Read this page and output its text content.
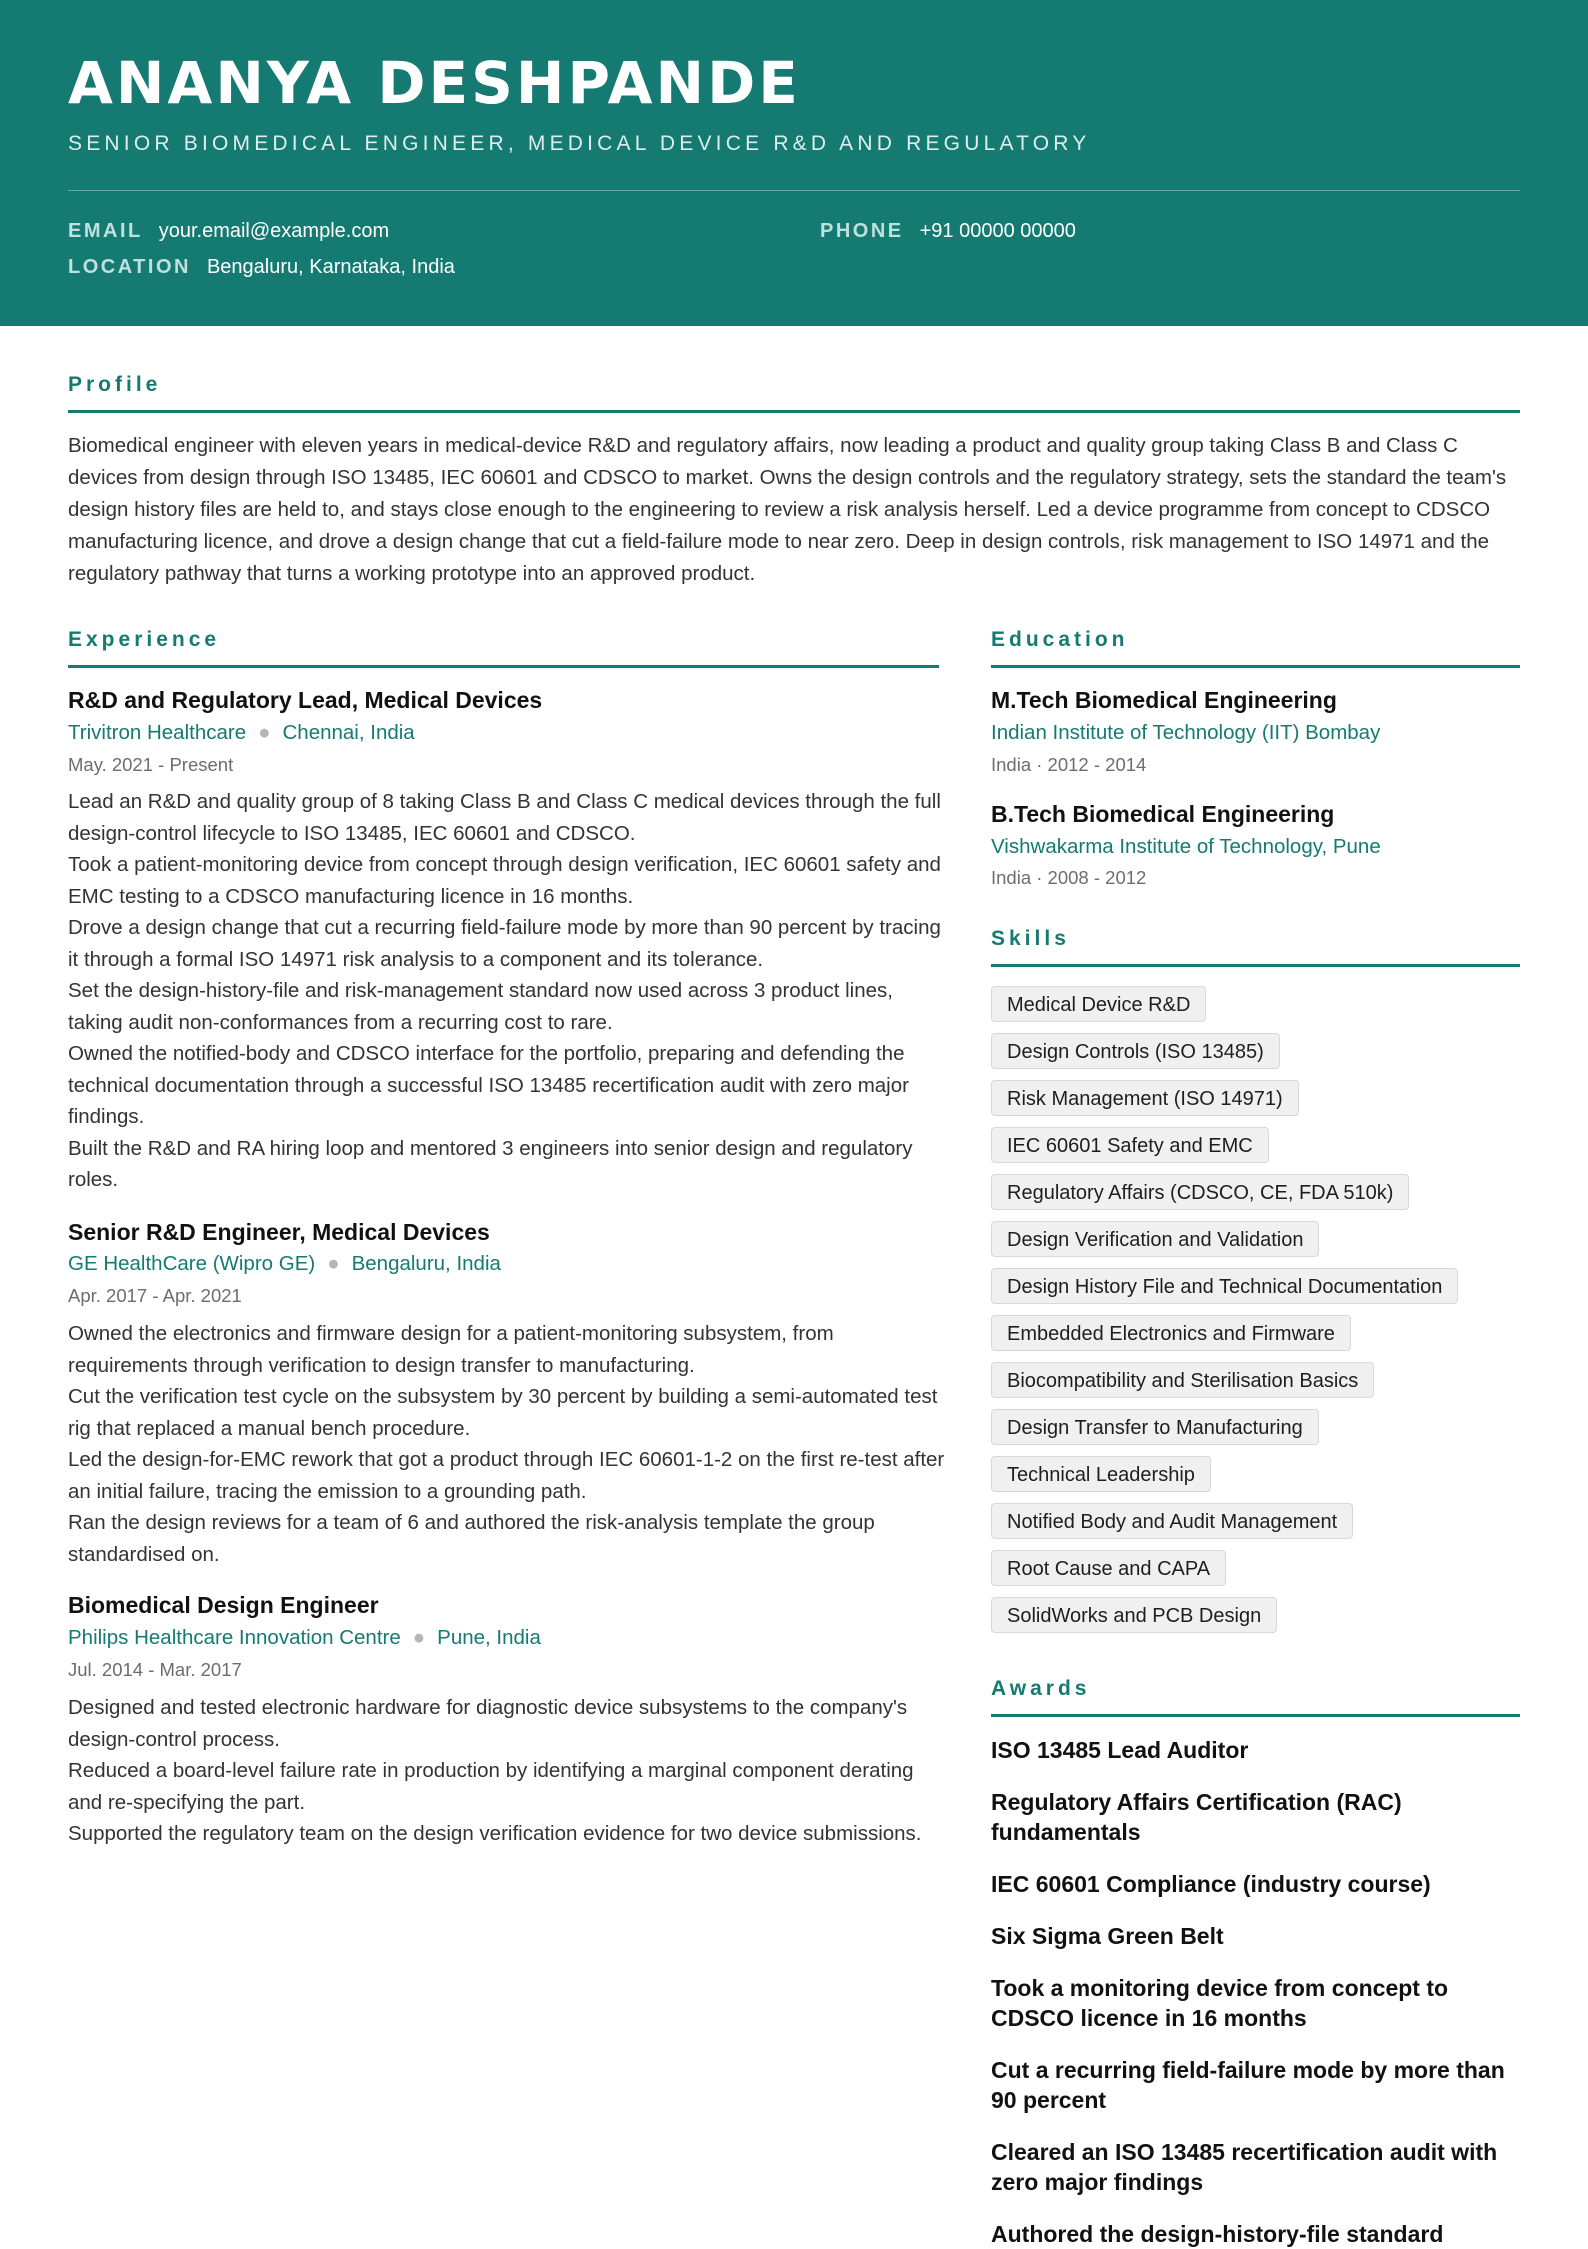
ANANYA DESHPANDE
SENIOR BIOMEDICAL ENGINEER, MEDICAL DEVICE R&D AND REGULATORY
EMAIL your.email@example.com	PHONE +91 00000 00000
LOCATION Bengaluru, Karnataka, India
Profile
Biomedical engineer with eleven years in medical-device R&D and regulatory affairs, now leading a product and quality group taking Class B and Class C devices from design through ISO 13485, IEC 60601 and CDSCO to market. Owns the design controls and the regulatory strategy, sets the standard the team's design history files are held to, and stays close enough to the engineering to review a risk analysis herself. Led a device programme from concept to CDSCO manufacturing licence, and drove a design change that cut a field-failure mode to near zero. Deep in design controls, risk management to ISO 14971 and the regulatory pathway that turns a working prototype into an approved product.
Experience
R&D and Regulatory Lead, Medical Devices
Trivitron Healthcare ● Chennai, India
May. 2021 - Present

Lead an R&D and quality group of 8 taking Class B and Class C medical devices through the full design-control lifecycle to ISO 13485, IEC 60601 and CDSCO.

Took a patient-monitoring device from concept through design verification, IEC 60601 safety and EMC testing to a CDSCO manufacturing licence in 16 months.

Drove a design change that cut a recurring field-failure mode by more than 90 percent by tracing it through a formal ISO 14971 risk analysis to a component and its tolerance.

Set the design-history-file and risk-management standard now used across 3 product lines, taking audit non-conformances from a recurring cost to rare.

Owned the notified-body and CDSCO interface for the portfolio, preparing and defending the technical documentation through a successful ISO 13485 recertification audit with zero major findings.

Built the R&D and RA hiring loop and mentored 3 engineers into senior design and regulatory roles.

Senior R&D Engineer, Medical Devices
GE HealthCare (Wipro GE) ● Bengaluru, India
Apr. 2017 - Apr. 2021

Owned the electronics and firmware design for a patient-monitoring subsystem, from requirements through verification to design transfer to manufacturing.

Cut the verification test cycle on the subsystem by 30 percent by building a semi-automated test rig that replaced a manual bench procedure.

Led the design-for-EMC rework that got a product through IEC 60601-1-2 on the first re-test after an initial failure, tracing the emission to a grounding path.

Ran the design reviews for a team of 6 and authored the risk-analysis template the group standardised on.

Biomedical Design Engineer
Philips Healthcare Innovation Centre ● Pune, India
Jul. 2014 - Mar. 2017

Designed and tested electronic hardware for diagnostic device subsystems to the company's design-control process.

Reduced a board-level failure rate in production by identifying a marginal component derating and re-specifying the part.

Supported the regulatory team on the design verification evidence for two device submissions.

Education
M.Tech Biomedical Engineering
Indian Institute of Technology (IIT) Bombay
India · 2012 - 2014
B.Tech Biomedical Engineering
Vishwakarma Institute of Technology, Pune
India · 2008 - 2012
Skills
Medical Device R&D
Design Controls (ISO 13485)
Risk Management (ISO 14971)
IEC 60601 Safety and EMC
Regulatory Affairs (CDSCO, CE, FDA 510k)
Design Verification and Validation
Design History File and Technical Documentation
Embedded Electronics and Firmware
Biocompatibility and Sterilisation Basics
Design Transfer to Manufacturing
Technical Leadership
Notified Body and Audit Management
Root Cause and CAPA
SolidWorks and PCB Design
Awards
ISO 13485 Lead Auditor
Regulatory Affairs Certification (RAC) fundamentals
IEC 60601 Compliance (industry course)
Six Sigma Green Belt
Took a monitoring device from concept to CDSCO licence in 16 months
Cut a recurring field-failure mode by more than 90 percent
Cleared an ISO 13485 recertification audit with zero major findings
Authored the design-history-file standard
